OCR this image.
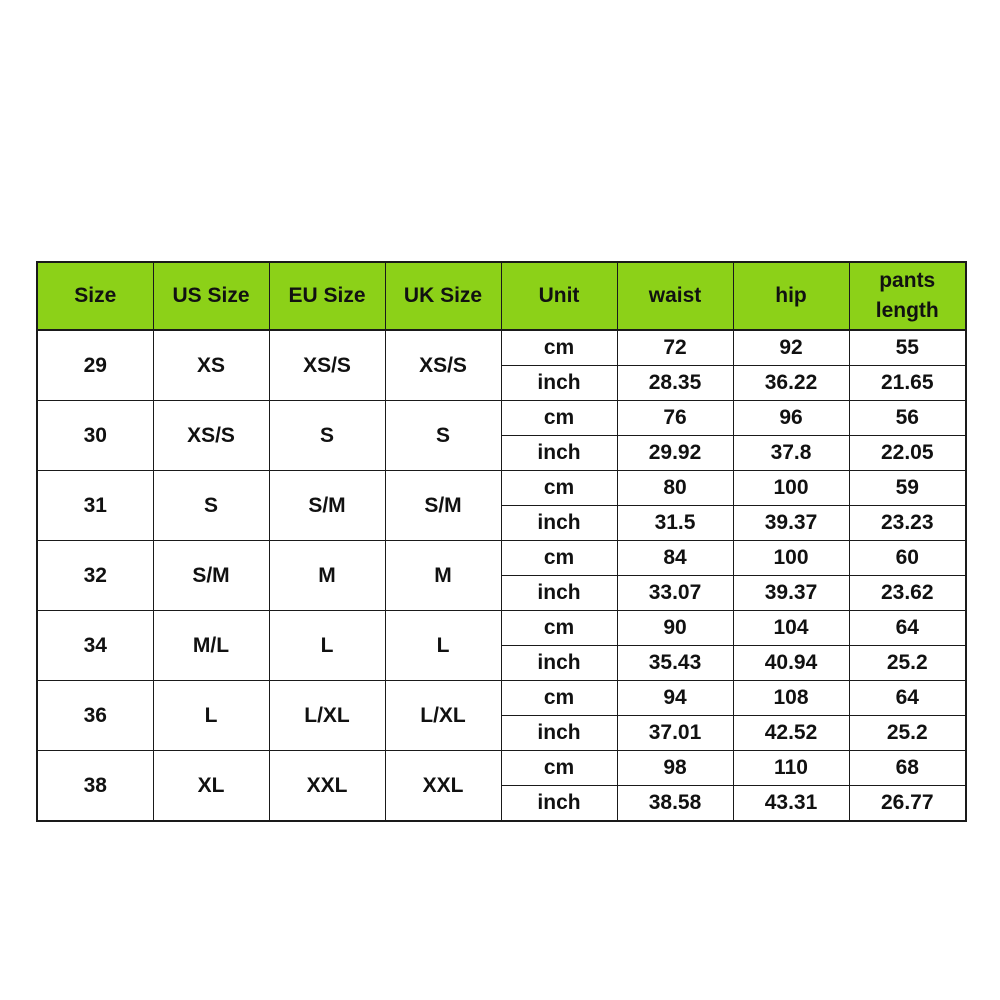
Size	US Size	EU Size	UK Size	Unit	waist	hip	pants
length

29	XS	XS/S	XS/S	cm	72	92	55
				inch	28.35	36.22	21.65
30	XS/S	S	S	cm	76	96	56
				inch	29.92	37.8	22.05
31	S	S/M	S/M	cm	80	100	59
				inch	31.5	39.37	23.23
32	S/M	M	M	cm	84	100	60
				inch	33.07	39.37	23.62
34	M/L	L	L	cm	90	104	64
				inch	35.43	40.94	25.2
36	L	L/XL	L/XL	cm	94	108	64
				inch	37.01	42.52	25.2
38	XL	XXL	XXL	cm	98	110	68
				inch	38.58	43.31	26.77
